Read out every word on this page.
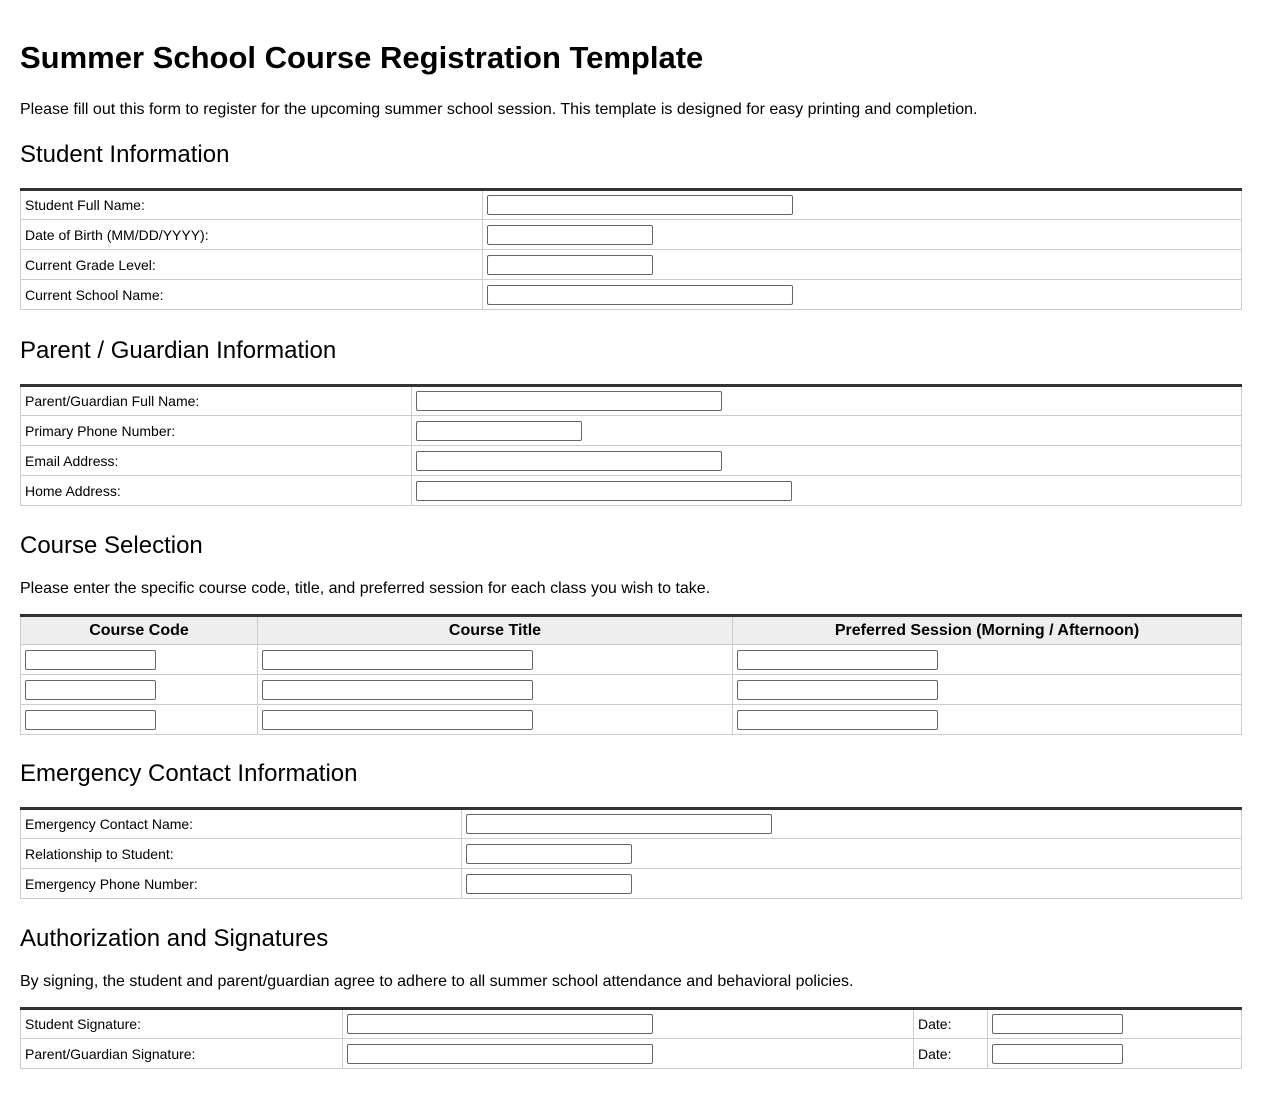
Summer School Course Registration Template

Please fill out this form to register for the upcoming summer school session. This template is designed for easy printing and completion.

Student Information
Student Full Name:	
Date of Birth (MM/DD/YYYY):	
Current Grade Level:	
Current School Name:	
Parent / Guardian Information
Parent/Guardian Full Name:	
Primary Phone Number:	
Email Address:	
Home Address:	
Course Selection

Please enter the specific course code, title, and preferred session for each class you wish to take.

Course Code	Course Title	Preferred Session (Morning / Afternoon)

Emergency Contact Information
Emergency Contact Name:	
Relationship to Student:	
Emergency Phone Number:	
Authorization and Signatures

By signing, the student and parent/guardian agree to adhere to all summer school attendance and behavioral policies.

Student Signature:		Date:	
Parent/Guardian Signature:		Date:	
